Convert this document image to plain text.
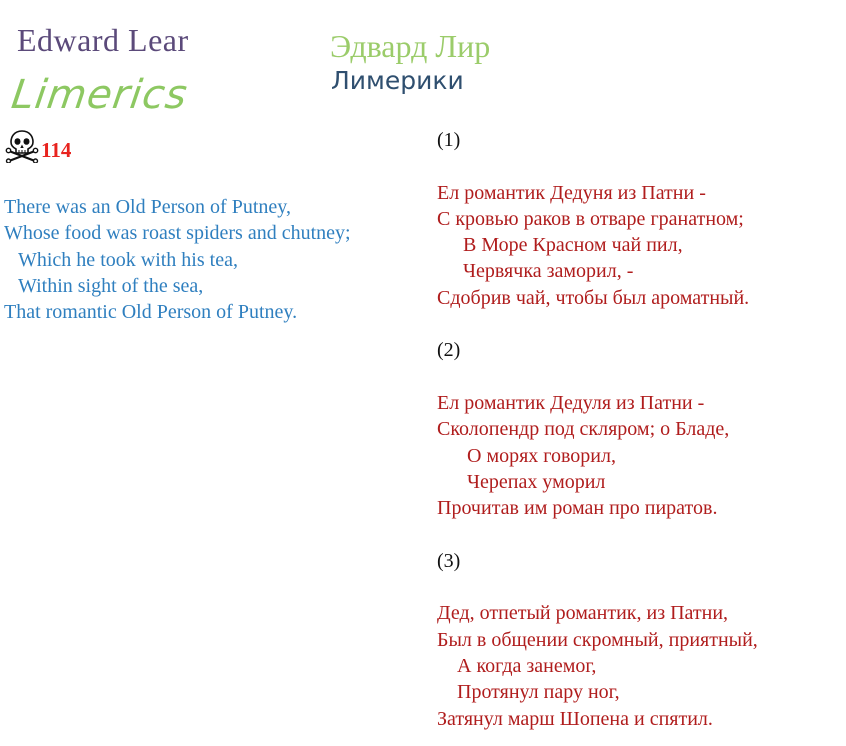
Edward Lear
Limerics
Эдвард Лир
Лимерики
114
There was an Old Person of Putney,
Whose food was roast spiders and chutney;
Which he took with his tea,
Within sight of the sea,
That romantic Old Person of Putney.
(1)
Ел романтик Дедуня из Патни -
С кровью раков в отваре гранатном;
В Море Красном чай пил,
Червячка заморил, -
Сдобрив чай, чтобы был ароматный.
(2)
Ел романтик Дедуля из Патни -
Сколопендр под скляром; о Бладе,
О морях говорил,
Черепах уморил
Прочитав им роман про пиратов.
(3)
Дед, отпетый романтик, из Патни,
Был в общении скромный, приятный,
А когда занемог,
Протянул пару ног,
Затянул марш Шопена и спятил.
